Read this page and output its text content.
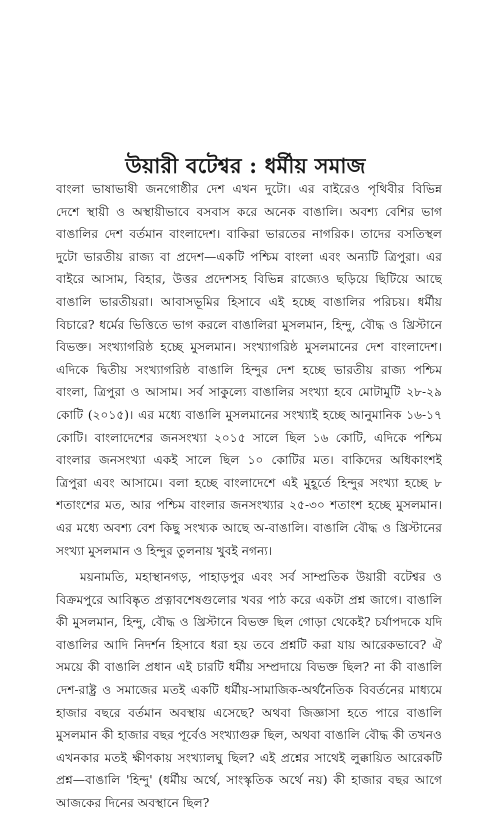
উয়ারী বটেশ্বর : ধর্মীয় সমাজ
বাংলা ভাষাভাষী জনগোষ্ঠীর দেশ এখন দুটো। এর বাইরেও পৃথিবীর বিভিন্ন
দেশে স্থায়ী ও অস্থায়ীভাবে বসবাস করে অনেক বাঙালি। অবশ্য বেশির ভাগ
বাঙালির দেশ বর্তমান বাংলাদেশ। বাকিরা ভারতের নাগরিক। তাদের বসতিস্থল
দুটো ভারতীয় রাজ্য বা প্রদেশ—একটি পশ্চিম বাংলা এবং অন্যটি ত্রিপুরা। এর
বাইরে আসাম, বিহার, উত্তর প্রদেশসহ বিভিন্ন রাজ্যেও ছড়িয়ে ছিটিয়ে আছে
বাঙালি ভারতীয়রা। আবাসভূমির হিসাবে এই হচ্ছে বাঙালির পরিচয়। ধর্মীয়
বিচারে? ধর্মের ভিত্তিতে ভাগ করলে বাঙালিরা মুসলমান, হিন্দু, বৌদ্ধ ও খ্রিস্টানে
বিভক্ত। সংখ্যাগরিষ্ঠ হচ্ছে মুসলমান। সংখ্যাগরিষ্ঠ মুসলমানের দেশ বাংলাদেশ।
এদিকে দ্বিতীয় সংখ্যাগরিষ্ঠ বাঙালি হিন্দুর দেশ হচ্ছে ভারতীয় রাজ্য পশ্চিম
বাংলা, ত্রিপুরা ও আসাম। সর্ব সাকুল্যে বাঙালির সংখ্যা হবে মোটামুটি ২৮-২৯
কোটি (২০১৫)। এর মধ্যে বাঙালি মুসলমানের সংখ্যাই হচ্ছে আনুমানিক ১৬-১৭
কোটি। বাংলাদেশের জনসংখ্যা ২০১৫ সালে ছিল ১৬ কোটি, এদিকে পশ্চিম
বাংলার জনসংখ্যা একই সালে ছিল ১০ কোটির মত। বাকিদের অধিকাংশই
ত্রিপুরা এবং আসামে। বলা হচ্ছে বাংলাদেশে এই মুহূর্তে হিন্দুর সংখ্যা হচ্ছে ৮
শতাংশের মত, আর পশ্চিম বাংলার জনসংখ্যার ২৫-৩০ শতাংশ হচ্ছে মুসলমান।
এর মধ্যে অবশ্য বেশ কিছু সংখ্যক আছে অ-বাঙালি। বাঙালি বৌদ্ধ ও খ্রিস্টানের
সংখ্যা মুসলমান ও হিন্দুর তুলনায় খুবই নগন্য।
ময়নামতি, মহাস্থানগড়, পাহাড়পুর এবং সর্ব সাম্প্রতিক উয়ারী বটেশ্বর ও
বিক্রমপুরে আবিষ্কৃত প্রত্নাবশেষগুলোর খবর পাঠ করে একটা প্রশ্ন জাগে। বাঙালি
কী মুসলমান, হিন্দু, বৌদ্ধ ও খ্রিস্টানে বিভক্ত ছিল গোড়া থেকেই? চর্যাপদকে যদি
বাঙালির আদি নিদর্শন হিসাবে ধরা হয় তবে প্রশ্নটি করা যায় আরেকভাবে? ঐ
সময়ে কী বাঙালি প্রধান এই চারটি ধর্মীয় সম্প্রদায়ে বিভক্ত ছিল? না কী বাঙালি
দেশ-রাষ্ট্র ও সমাজের মতই একটি ধর্মীয়-সামাজিক-অর্থনৈতিক বিবর্তনের মাধ্যমে
হাজার বছরে বর্তমান অবস্থায় এসেছে? অথবা জিজ্ঞাসা হতে পারে বাঙালি
মুসলমান কী হাজার বছর পূর্বেও সংখ্যাগুরু ছিল, অথবা বাঙালি বৌদ্ধ কী তখনও
এখনকার মতই ক্ষীণকায় সংখ্যালঘু ছিল? এই প্রশ্নের সাথেই লুক্কায়িত আরেকটি
প্রশ্ন—বাঙালি 'হিন্দু' (ধর্মীয় অর্থে, সাংস্কৃতিক অর্থে নয়) কী হাজার বছর আগে
আজকের দিনের অবস্থানে ছিল?
